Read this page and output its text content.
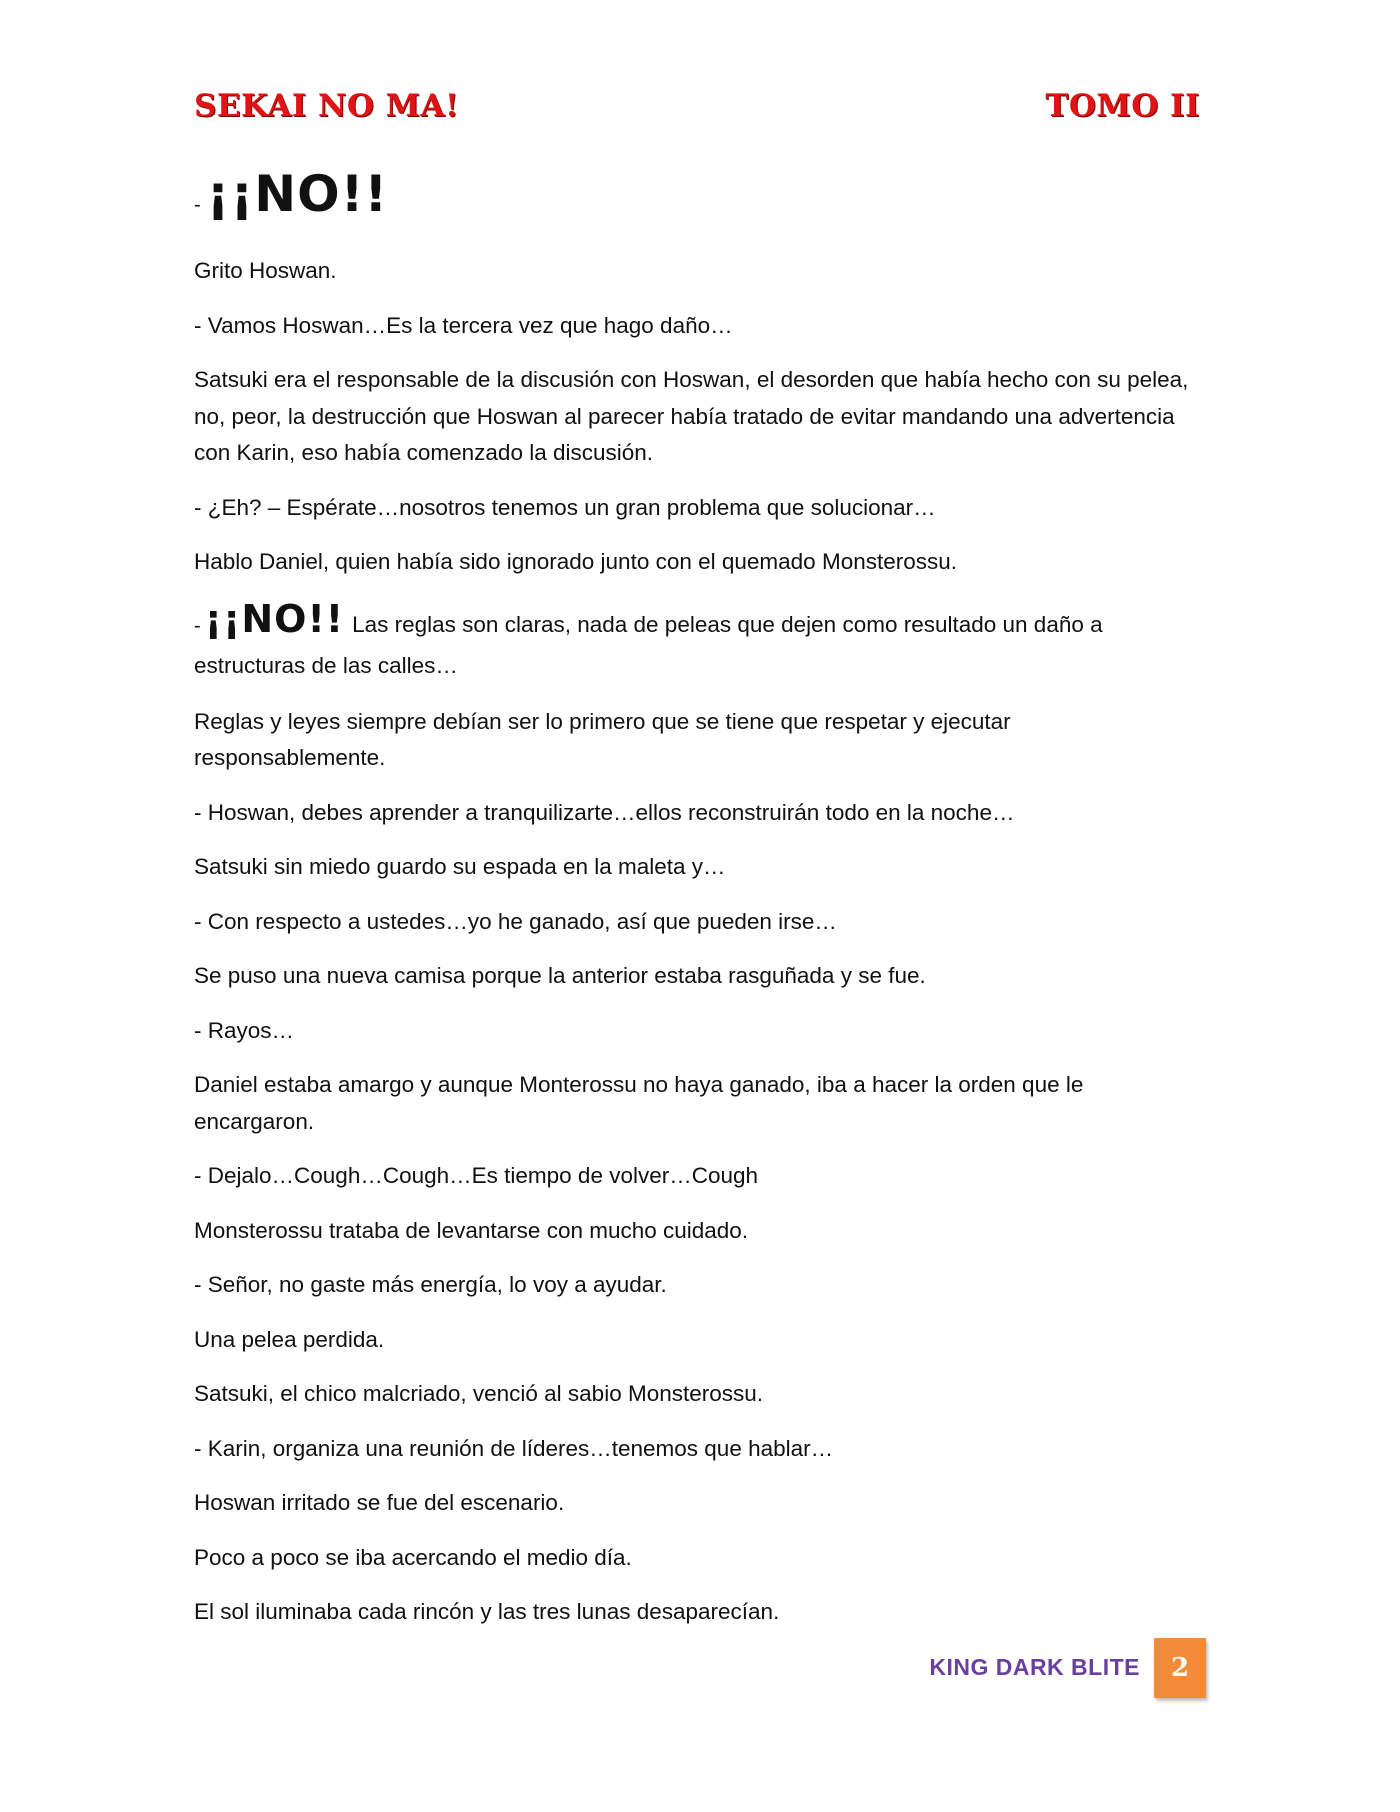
SEKAI NO MA!	TOMO II

- ¡¡NO!!

Grito Hoswan.

- Vamos Hoswan…Es la tercera vez que hago daño…

Satsuki era el responsable de la discusión con Hoswan, el desorden que había hecho con su pelea, no, peor, la destrucción que Hoswan al parecer había tratado de evitar mandando una advertencia con Karin, eso había comenzado la discusión.

- ¿Eh? – Espérate…nosotros tenemos un gran problema que solucionar…

Hablo Daniel, quien había sido ignorado junto con el quemado Monsterossu.

- ¡¡NO!! Las reglas son claras, nada de peleas que dejen como resultado un daño a estructuras de las calles…

Reglas y leyes siempre debían ser lo primero que se tiene que respetar y ejecutar responsablemente.

- Hoswan, debes aprender a tranquilizarte…ellos reconstruirán todo en la noche…

Satsuki sin miedo guardo su espada en la maleta y…

- Con respecto a ustedes…yo he ganado, así que pueden irse…

Se puso una nueva camisa porque la anterior estaba rasguñada y se fue.

- Rayos…

Daniel estaba amargo y aunque Monterossu no haya ganado, iba a hacer la orden que le encargaron.

- Dejalo…Cough…Cough…Es tiempo de volver…Cough

Monsterossu trataba de levantarse con mucho cuidado.

- Señor, no gaste más energía, lo voy a ayudar.

Una pelea perdida.

Satsuki, el chico malcriado, venció al sabio Monsterossu.

- Karin, organiza una reunión de líderes…tenemos que hablar…

Hoswan irritado se fue del escenario.

Poco a poco se iba acercando el medio día.

El sol iluminaba cada rincón y las tres lunas desaparecían.

KING DARK BLITE	2
